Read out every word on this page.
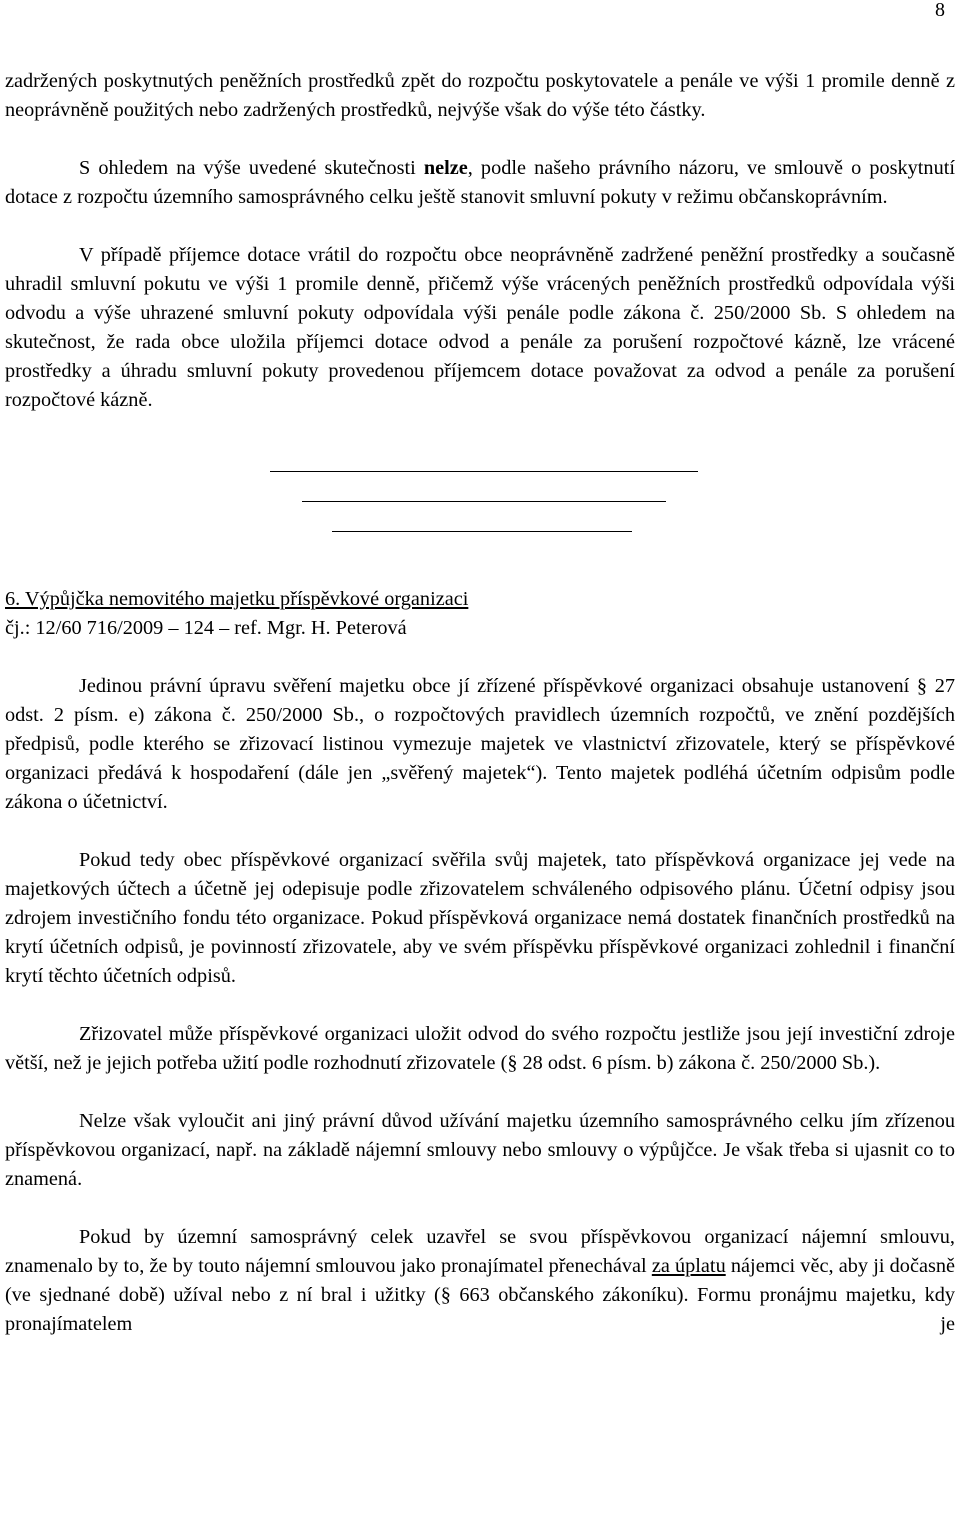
8

zadržených poskytnutých peněžních prostředků zpět do rozpočtu poskytovatele a penále ve výši 1 promile denně z neoprávněně použitých nebo zadržených prostředků, nejvýše však do výše této částky.

S ohledem na výše uvedené skutečnosti nelze, podle našeho právního názoru, ve smlouvě o poskytnutí dotace z rozpočtu územního samosprávného celku ještě stanovit smluvní pokuty v režimu občanskoprávním.

V případě příjemce dotace vrátil do rozpočtu obce neoprávněně zadržené peněžní prostředky a současně uhradil smluvní pokutu ve výši 1 promile denně, přičemž výše vrácených peněžních prostředků odpovídala výši odvodu a výše uhrazené smluvní pokuty odpovídala výši penále podle zákona č. 250/2000 Sb. S ohledem na skutečnost, že rada obce uložila příjemci dotace odvod a penále za porušení rozpočtové kázně, lze vrácené prostředky a úhradu smluvní pokuty provedenou příjemcem dotace považovat za odvod a penále za porušení rozpočtové kázně.

6. Výpůjčka nemovitého majetku příspěvkové organizaci

čj.: 12/60 716/2009 – 124 – ref. Mgr. H. Peterová

Jedinou právní úpravu svěření majetku obce jí zřízené příspěvkové organizaci obsahuje ustanovení § 27 odst. 2 písm. e) zákona č. 250/2000 Sb., o rozpočtových pravidlech územních rozpočtů, ve znění pozdějších předpisů, podle kterého se zřizovací listinou vymezuje majetek ve vlastnictví zřizovatele, který se příspěvkové organizaci předává k hospodaření (dále jen „svěřený majetek“). Tento majetek podléhá účetním odpisům podle zákona o účetnictví.

Pokud tedy obec příspěvkové organizací svěřila svůj majetek, tato příspěvková organizace jej vede na majetkových účtech a účetně jej odepisuje podle zřizovatelem schváleného odpisového plánu. Účetní odpisy jsou zdrojem investičního fondu této organizace. Pokud příspěvková organizace nemá dostatek finančních prostředků na krytí účetních odpisů, je povinností zřizovatele, aby ve svém příspěvku příspěvkové organizaci zohlednil i finanční krytí těchto účetních odpisů.

Zřizovatel může příspěvkové organizaci uložit odvod do svého rozpočtu jestliže jsou její investiční zdroje větší, než je jejich potřeba užití podle rozhodnutí zřizovatele (§ 28 odst. 6 písm. b) zákona č. 250/2000 Sb.).

Nelze však vyloučit ani jiný právní důvod užívání majetku územního samosprávného celku jím zřízenou příspěvkovou organizací, např. na základě nájemní smlouvy nebo smlouvy o výpůjčce. Je však třeba si ujasnit co to znamená.

Pokud by územní samosprávný celek uzavřel se svou příspěvkovou organizací nájemní smlouvu, znamenalo by to, že by touto nájemní smlouvou jako pronajímatel přenechával za úplatu nájemci věc, aby ji dočasně (ve sjednané době) užíval nebo z ní bral i užitky (§ 663 občanského zákoníku). Formu pronájmu majetku, kdy pronajímatelem je
